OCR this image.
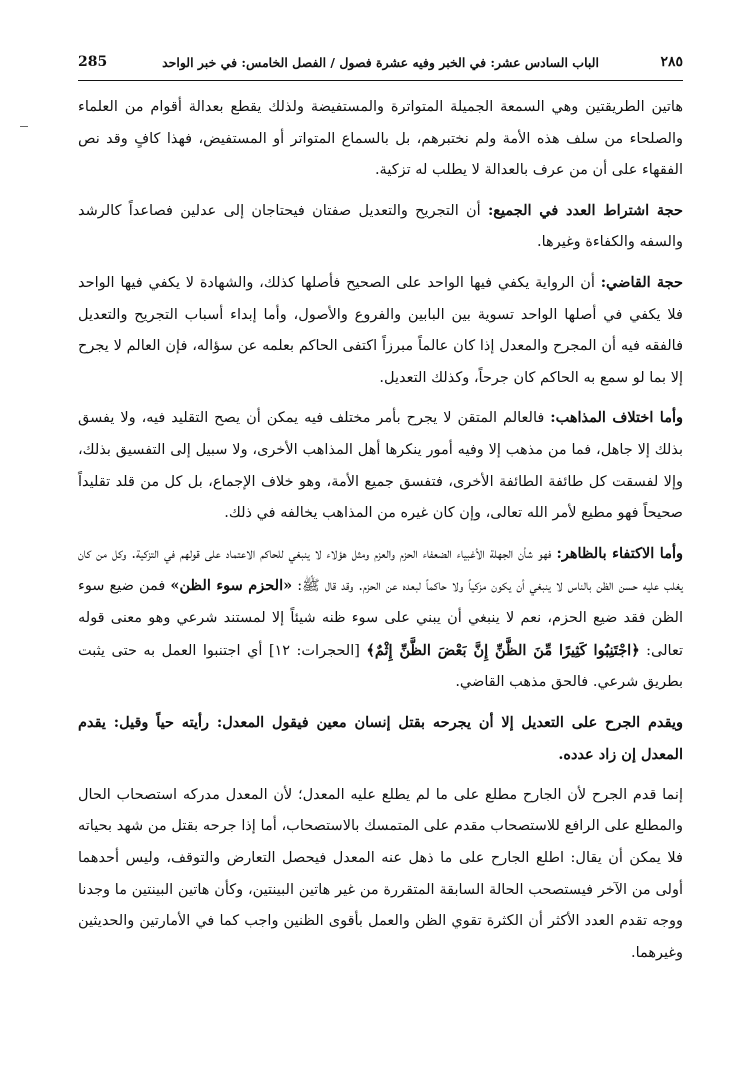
٢٨٥
الباب السادس عشر: في الخبر وفيه عشرة فصول / الفصل الخامس: في خبر الواحد
285

هاتين الطريقتين وهي السمعة الجميلة المتواترة والمستفيضة ولذلك يقطع بعدالة أقوام من العلماء والصلحاء من سلف هذه الأمة ولم نختبرهم، بل بالسماع المتواتر أو المستفيض، فهذا كافٍ وقد نص الفقهاء على أن من عرف بالعدالة لا يطلب له تزكية.

حجة اشتراط العدد في الجميع: أن التجريح والتعديل صفتان فيحتاجان إلى عدلين فصاعداً كالرشد والسفه والكفاءة وغيرها.

حجة القاضي: أن الرواية يكفي فيها الواحد على الصحيح فأصلها كذلك، والشهادة لا يكفي فيها الواحد فلا يكفي في أصلها الواحد تسوية بين البابين والفروع والأصول، وأما إبداء أسباب التجريح والتعديل فالفقه فيه أن المجرح والمعدل إذا كان عالماً مبرزاً اكتفى الحاكم بعلمه عن سؤاله، فإن العالم لا يجرح إلا بما لو سمع به الحاكم كان جرحاً، وكذلك التعديل.

وأما اختلاف المذاهب: فالعالم المتقن لا يجرح بأمر مختلف فيه يمكن أن يصح التقليد فيه، ولا يفسق بذلك إلا جاهل، فما من مذهب إلا وفيه أمور ينكرها أهل المذاهب الأخرى، ولا سبيل إلى التفسيق بذلك، وإلا لفسقت كل طائفة الطائفة الأخرى، فتفسق جميع الأمة، وهو خلاف الإجماع، بل كل من قلد تقليداً صحيحاً فهو مطيع لأمر الله تعالى، وإن كان غيره من المذاهب يخالفه في ذلك.

وأما الاكتفاء بالظاهر: فهو شأن الجهلة الأغبياء الضعفاء الحزم والعزم ومثل هؤلاء لا ينبغي للحاكم الاعتماد على قولهم في التزكية. وكل من كان يغلب عليه حسن الظن بالناس لا ينبغي أن يكون مزكياً ولا حاكماً لبعده عن الحزم. وقد قال ﷺ: «الحزم سوء الظن» فمن ضيع سوء الظن فقد ضيع الحزم، نعم لا ينبغي أن يبني على سوء ظنه شيئاً إلا لمستند شرعي وهو معنى قوله تعالى: ﴿اجْتَنِبُوا كَثِيرًا مِّنَ الظَّنِّ إِنَّ بَعْضَ الظَّنِّ إِثْمٌ﴾ [الحجرات: ١٢] أي اجتنبوا العمل به حتى يثبت بطريق شرعي. فالحق مذهب القاضي.

ويقدم الجرح على التعديل إلا أن يجرحه بقتل إنسان معين فيقول المعدل: رأيته حياً وقيل: يقدم المعدل إن زاد عدده.

إنما قدم الجرح لأن الجارح مطلع على ما لم يطلع عليه المعدل؛ لأن المعدل مدركه استصحاب الحال والمطلع على الرافع للاستصحاب مقدم على المتمسك بالاستصحاب، أما إذا جرحه بقتل من شهد بحياته فلا يمكن أن يقال: اطلع الجارح على ما ذهل عنه المعدل فيحصل التعارض والتوقف، وليس أحدهما أولى من الآخر فيستصحب الحالة السابقة المتقررة من غير هاتين البينتين، وكأن هاتين البينتين ما وجدنا ووجه تقدم العدد الأكثر أن الكثرة تقوي الظن والعمل بأقوى الظنين واجب كما في الأمارتين والحديثين وغيرهما.
